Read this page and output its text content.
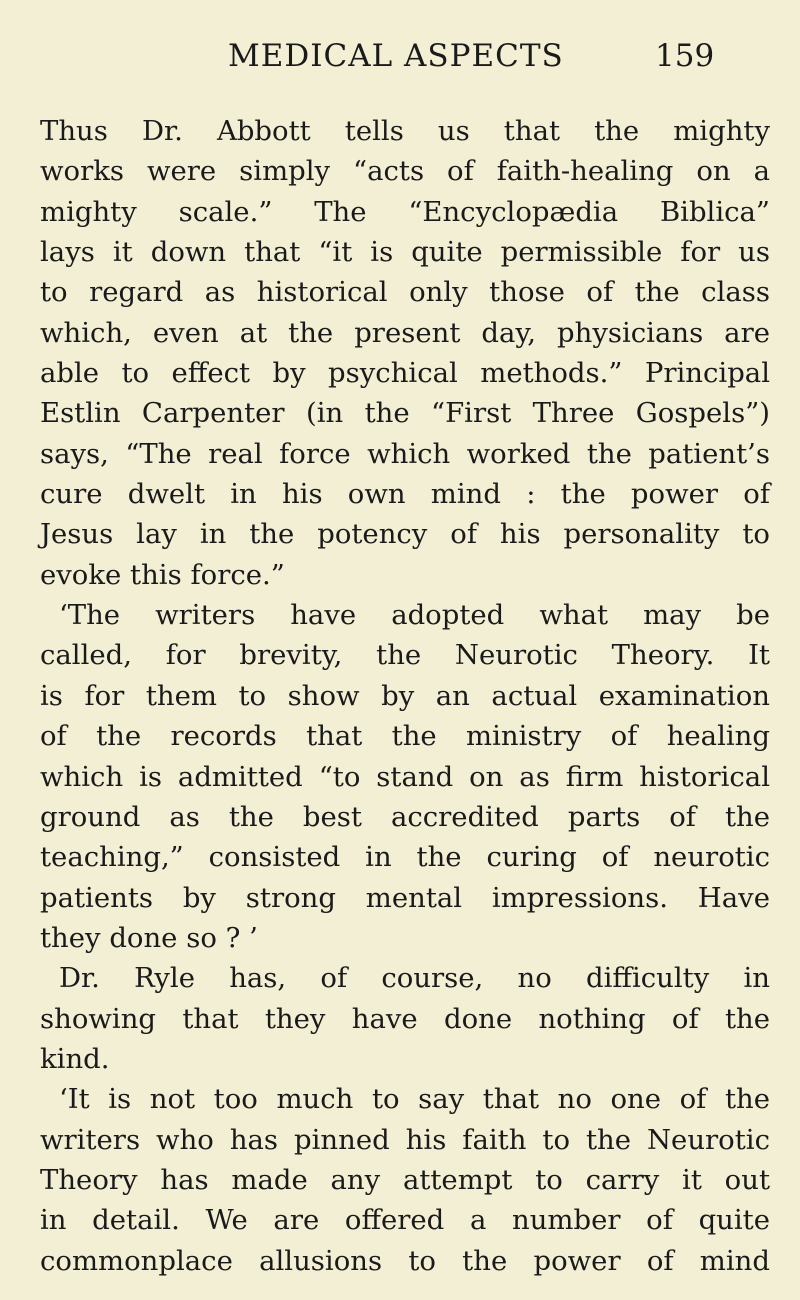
MEDICAL ASPECTS	159
Thus Dr. Abbott tells us that the mighty
works were simply “acts of faith-healing on a
mighty scale.” The “Encyclopædia Biblica”
lays it down that “it is quite permissible for us
to regard as historical only those of the class
which, even at the present day, physicians are
able to effect by psychical methods.” Principal
Estlin Carpenter (in the “First Three Gospels”)
says, “The real force which worked the patient’s
cure dwelt in his own mind : the power of
Jesus lay in the potency of his personality to
evoke this force.”
‘The writers have adopted what may be
called, for brevity, the Neurotic Theory. It
is for them to show by an actual examination
of the records that the ministry of healing
which is admitted “to stand on as firm historical
ground as the best accredited parts of the
teaching,” consisted in the curing of neurotic
patients by strong mental impressions. Have
they done so ? ’
Dr. Ryle has, of course, no difficulty in
showing that they have done nothing of the
kind.
‘It is not too much to say that no one of the
writers who has pinned his faith to the Neurotic
Theory has made any attempt to carry it out
in detail. We are offered a number of quite
commonplace allusions to the power of mind
